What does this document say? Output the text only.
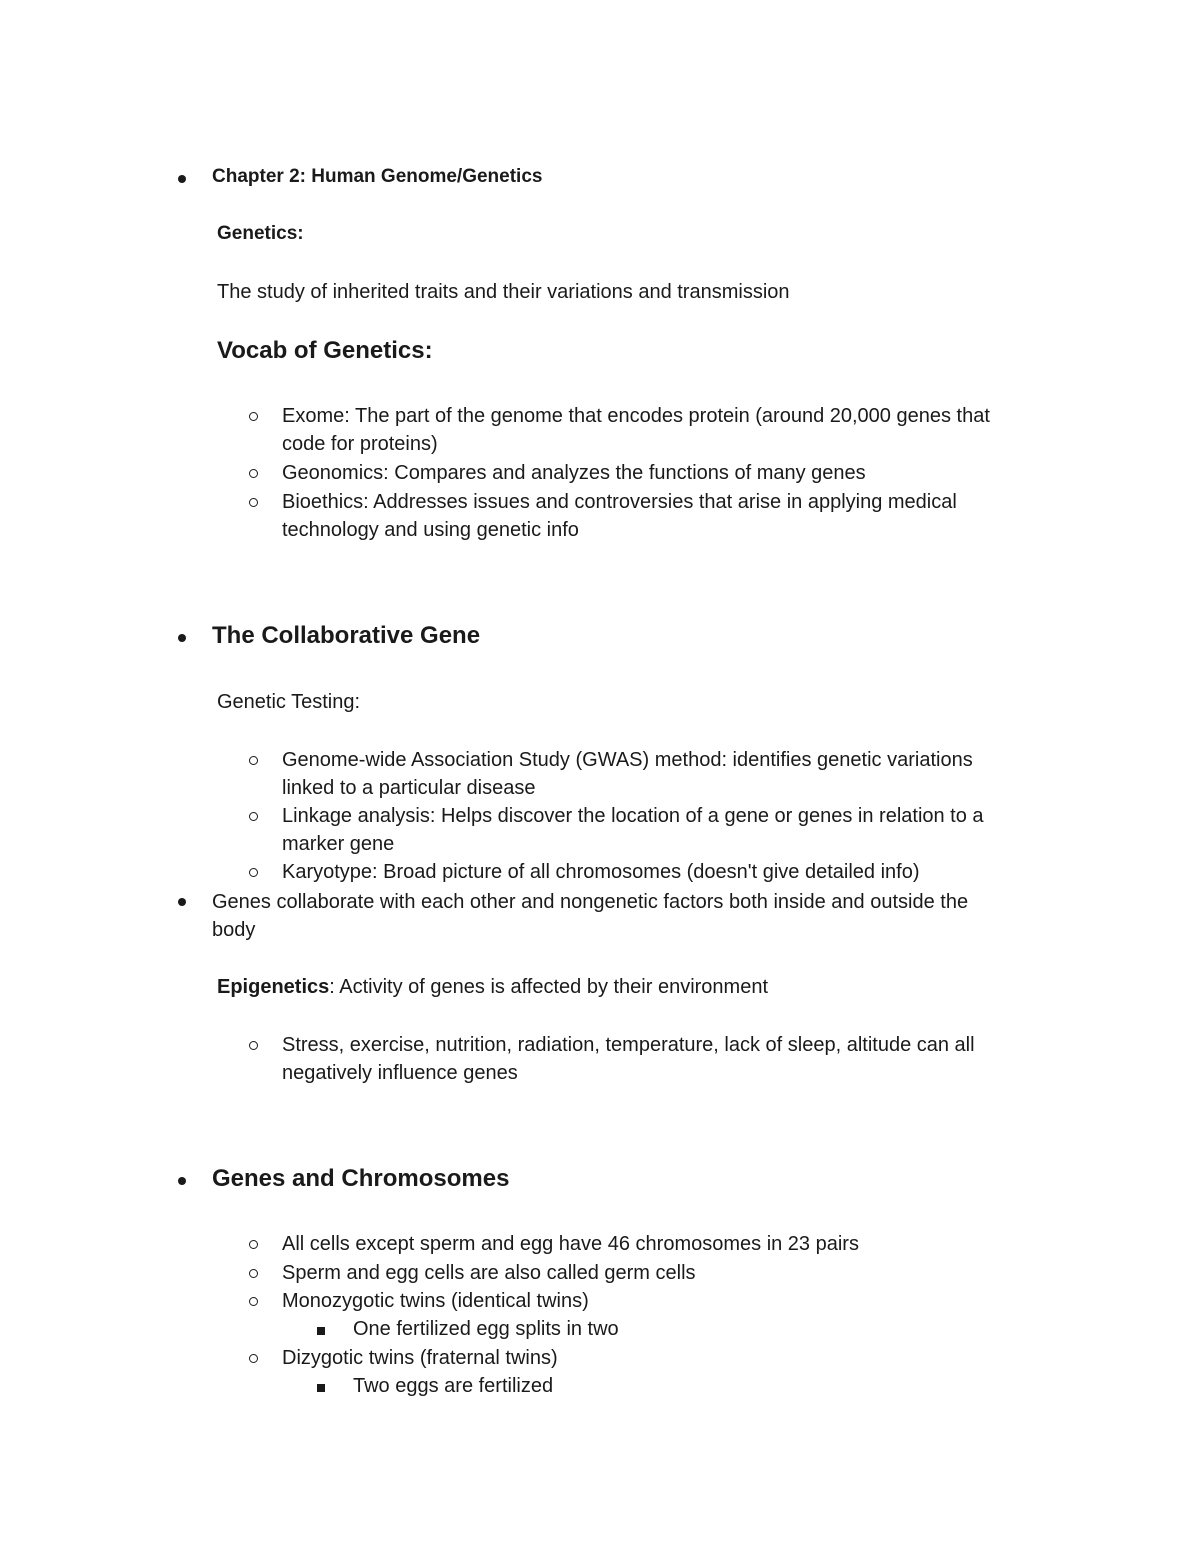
Chapter 2: Human Genome/Genetics
Genetics:
The study of inherited traits and their variations and transmission
Vocab of Genetics:
Exome: The part of the genome that encodes protein (around 20,000 genes that
code for proteins)
Geonomics: Compares and analyzes the functions of many genes
Bioethics: Addresses issues and controversies that arise in applying medical
technology and using genetic info
The Collaborative Gene
Genetic Testing:
Genome-wide Association Study (GWAS) method: identifies genetic variations
linked to a particular disease
Linkage analysis: Helps discover the location of a gene or genes in relation to a
marker gene
Karyotype: Broad picture of all chromosomes (doesn't give detailed info)
Genes collaborate with each other and nongenetic factors both inside and outside the
body
Epigenetics: Activity of genes is affected by their environment
Stress, exercise, nutrition, radiation, temperature, lack of sleep, altitude can all
negatively influence genes
Genes and Chromosomes
All cells except sperm and egg have 46 chromosomes in 23 pairs
Sperm and egg cells are also called germ cells
Monozygotic twins (identical twins)
One fertilized egg splits in two
Dizygotic twins (fraternal twins)
Two eggs are fertilized
